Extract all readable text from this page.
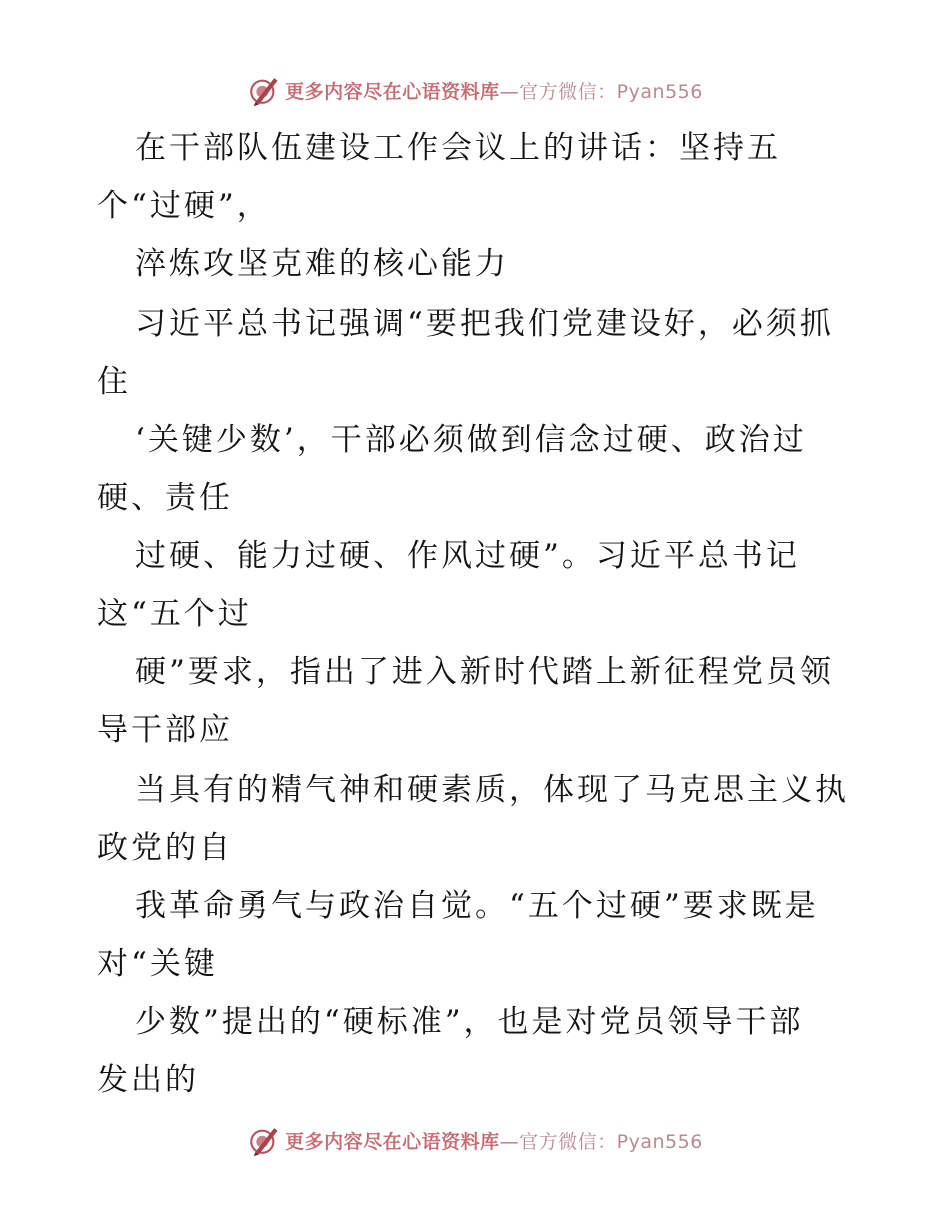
更多内容尽在心语资料库—官方微信：Pyan556
在干部队伍建设工作会议上的讲话：坚持五
个“过硬”，
淬炼攻坚克难的核心能力
习近平总书记强调“要把我们党建设好，必须抓
住
‘关键少数’，干部必须做到信念过硬、政治过
硬、责任
过硬、能力过硬、作风过硬”。习近平总书记
这“五个过
硬”要求，指出了进入新时代踏上新征程党员领
导干部应
当具有的精气神和硬素质，体现了马克思主义执
政党的自
我革命勇气与政治自觉。“五个过硬”要求既是
对“关键
少数”提出的“硬标准”，也是对党员领导干部
发出的
更多内容尽在心语资料库—官方微信：Pyan556
